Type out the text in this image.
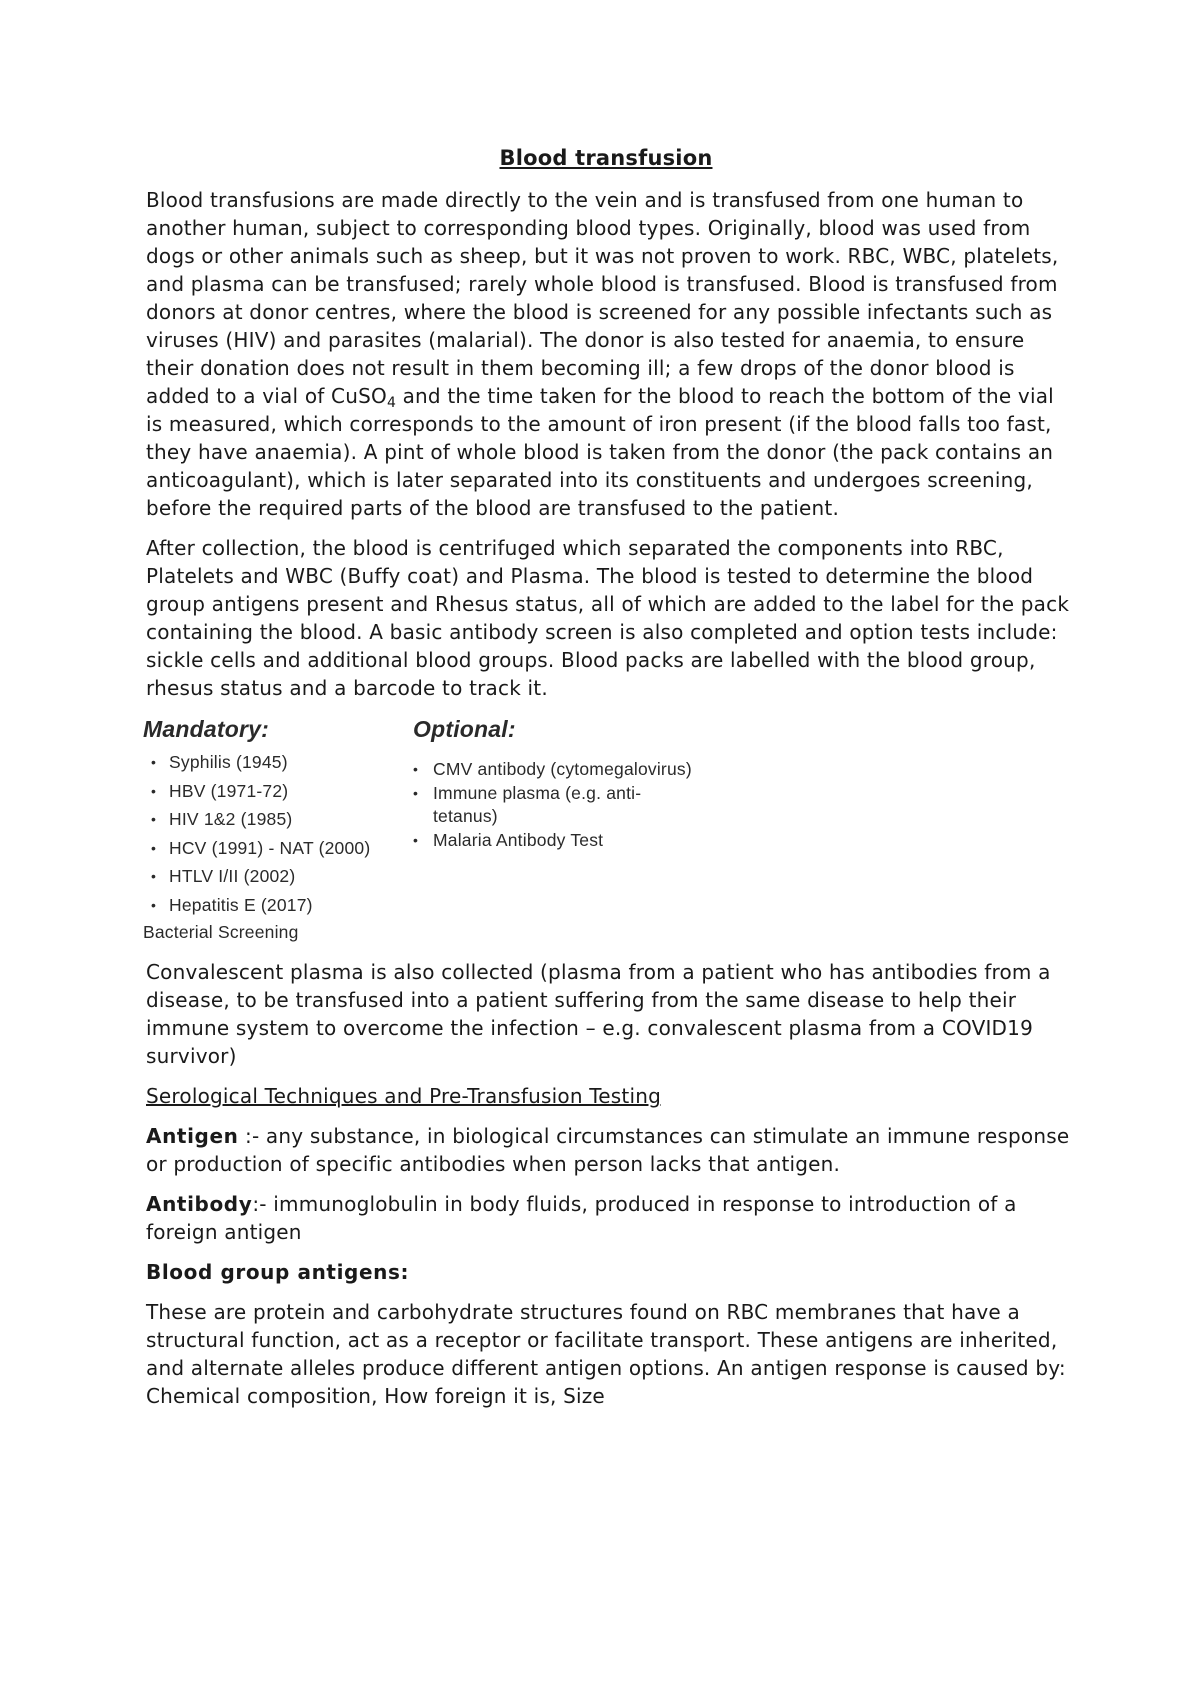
Blood transfusion

Blood transfusions are made directly to the vein and is transfused from one human to another human, subject to corresponding blood types. Originally, blood was used from dogs or other animals such as sheep, but it was not proven to work. RBC, WBC, platelets, and plasma can be transfused; rarely whole blood is transfused. Blood is transfused from donors at donor centres, where the blood is screened for any possible infectants such as viruses (HIV) and parasites (malarial). The donor is also tested for anaemia, to ensure their donation does not result in them becoming ill; a few drops of the donor blood is added to a vial of CuSO$_4$ and the time taken for the blood to reach the bottom of the vial is measured, which corresponds to the amount of iron present (if the blood falls too fast, they have anaemia). A pint of whole blood is taken from the donor (the pack contains an anticoagulant), which is later separated into its constituents and undergoes screening, before the required parts of the blood are transfused to the patient.

After collection, the blood is centrifuged which separated the components into RBC, Platelets and WBC (Buffy coat) and Plasma. The blood is tested to determine the blood group antigens present and Rhesus status, all of which are added to the label for the pack containing the blood. A basic antibody screen is also completed and option tests include: sickle cells and additional blood groups. Blood packs are labelled with the blood group, rhesus status and a barcode to track it.

Mandatory:
• Syphilis (1945)
• HBV (1971-72)
• HIV 1&2 (1985)
• HCV (1991) - NAT (2000)
• HTLV I/II (2002)
• Hepatitis E (2017)
Bacterial Screening
Optional:
• CMV antibody (cytomegalovirus)
• Immune plasma (e.g. anti-tetanus)
• Malaria Antibody Test

Convalescent plasma is also collected (plasma from a patient who has antibodies from a disease, to be transfused into a patient suffering from the same disease to help their immune system to overcome the infection – e.g. convalescent plasma from a COVID19 survivor)

Serological Techniques and Pre-Transfusion Testing

Antigen :- any substance, in biological circumstances can stimulate an immune response or production of specific antibodies when person lacks that antigen.

Antibody:- immunoglobulin in body fluids, produced in response to introduction of a foreign antigen

Blood group antigens:

These are protein and carbohydrate structures found on RBC membranes that have a structural function, act as a receptor or facilitate transport. These antigens are inherited, and alternate alleles produce different antigen options. An antigen response is caused by: Chemical composition, How foreign it is, Size
